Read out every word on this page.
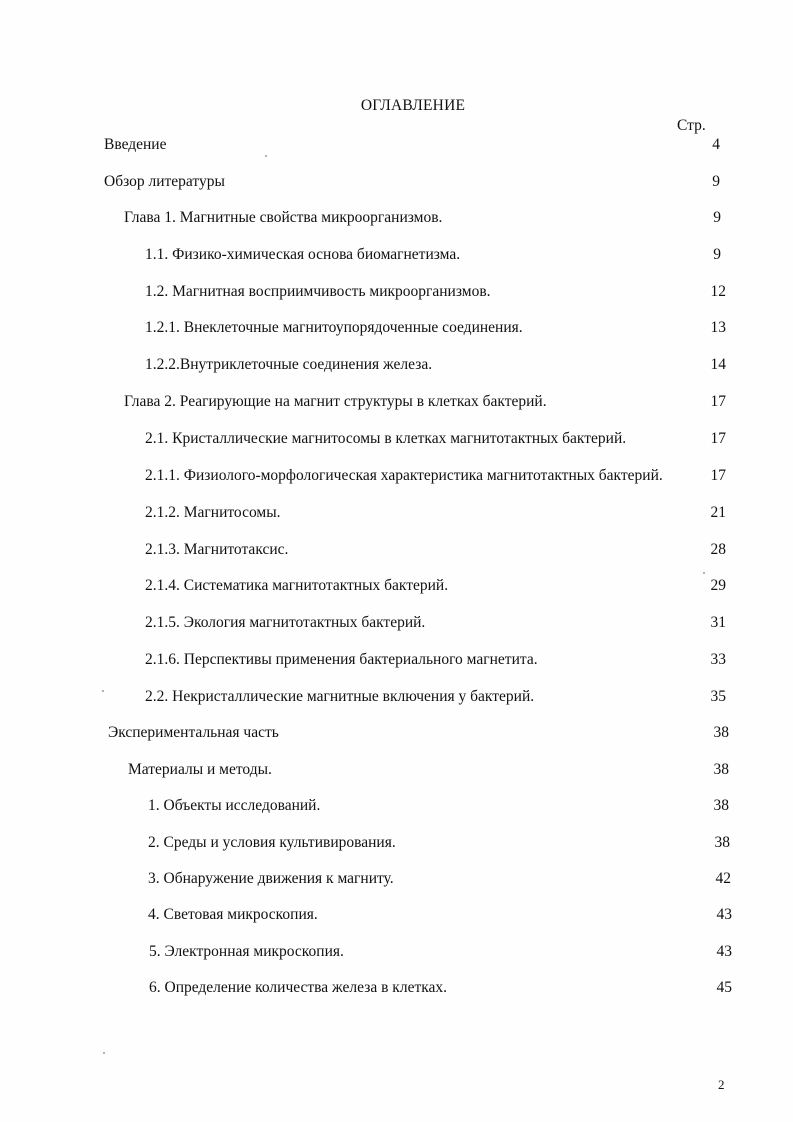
ОГЛАВЛЕНИЕ
Стр.
Введение	4
Обзор литературы	9
Глава 1. Магнитные свойства микроорганизмов.	9
1.1. Физико-химическая основа биомагнетизма.	9
1.2. Магнитная восприимчивость микроорганизмов.	12
1.2.1. Внеклеточные магнитоупорядоченные соединения.	13
1.2.2.Внутриклеточные соединения железа.	14
Глава 2. Реагирующие на магнит структуры в клетках бактерий.	17
2.1. Кристаллические магнитосомы в клетках магнитотактных бактерий.	17
2.1.1. Физиолого-морфологическая характеристика магнитотактных бактерий.	17
2.1.2. Магнитосомы.	21
2.1.3. Магнитотаксис.	28
2.1.4. Систематика магнитотактных бактерий.	29
2.1.5. Экология магнитотактных бактерий.	31
2.1.6. Перспективы применения бактериального магнетита.	33
2.2. Некристаллические магнитные включения у бактерий.	35
Экспериментальная часть	38
Материалы и методы.	38
1. Объекты исследований.	38
2. Среды и условия культивирования.	38
3. Обнаружение движения к магниту.	42
4. Световая микроскопия.	43
5. Электронная микроскопия.	43
6. Определение количества железа в клетках.	45
2
